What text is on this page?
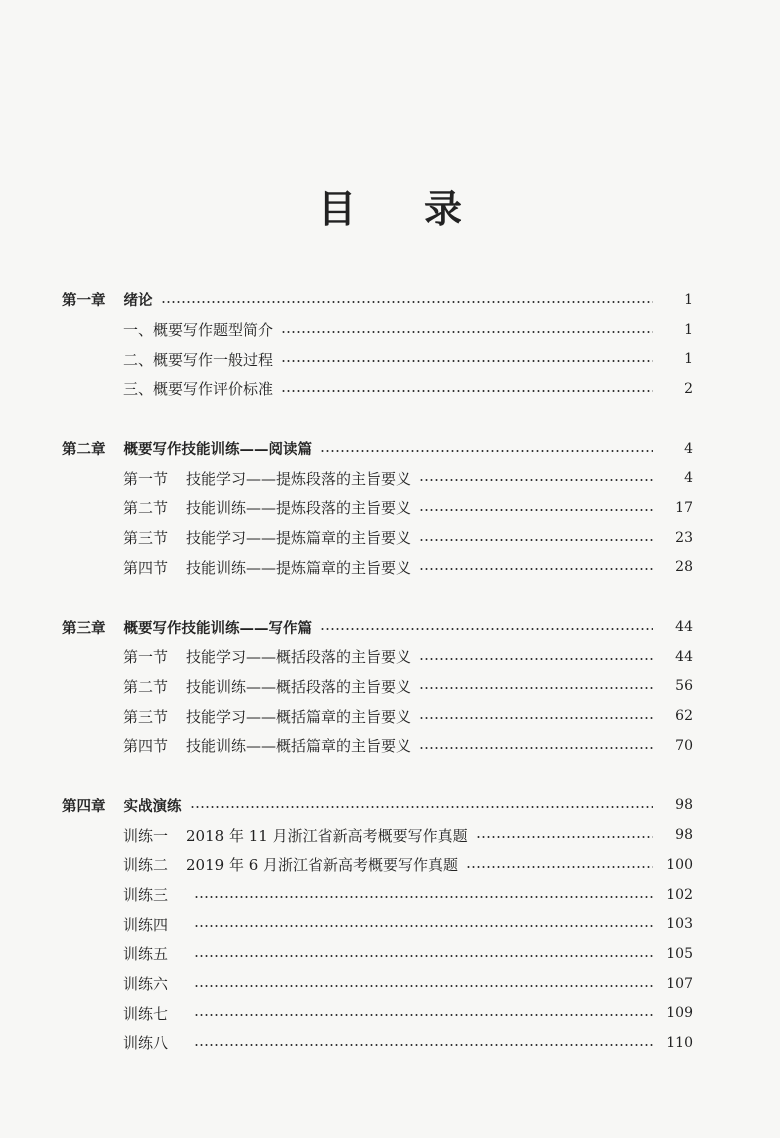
目录
第一章 绪论	1
一、概要写作题型简介	1
二、概要写作一般过程	1
三、概要写作评价标准	2
第二章 概要写作技能训练——阅读篇	4
第一节 技能学习——提炼段落的主旨要义	4
第二节 技能训练——提炼段落的主旨要义	17
第三节 技能学习——提炼篇章的主旨要义	23
第四节 技能训练——提炼篇章的主旨要义	28
第三章 概要写作技能训练——写作篇	44
第一节 技能学习——概括段落的主旨要义	44
第二节 技能训练——概括段落的主旨要义	56
第三节 技能学习——概括篇章的主旨要义	62
第四节 技能训练——概括篇章的主旨要义	70
第四章 实战演练	98
训练一 2018 年 11 月浙江省新高考概要写作真题	98
训练二 2019 年 6 月浙江省新高考概要写作真题	100
训练三	102
训练四	103
训练五	105
训练六	107
训练七	109
训练八	110
